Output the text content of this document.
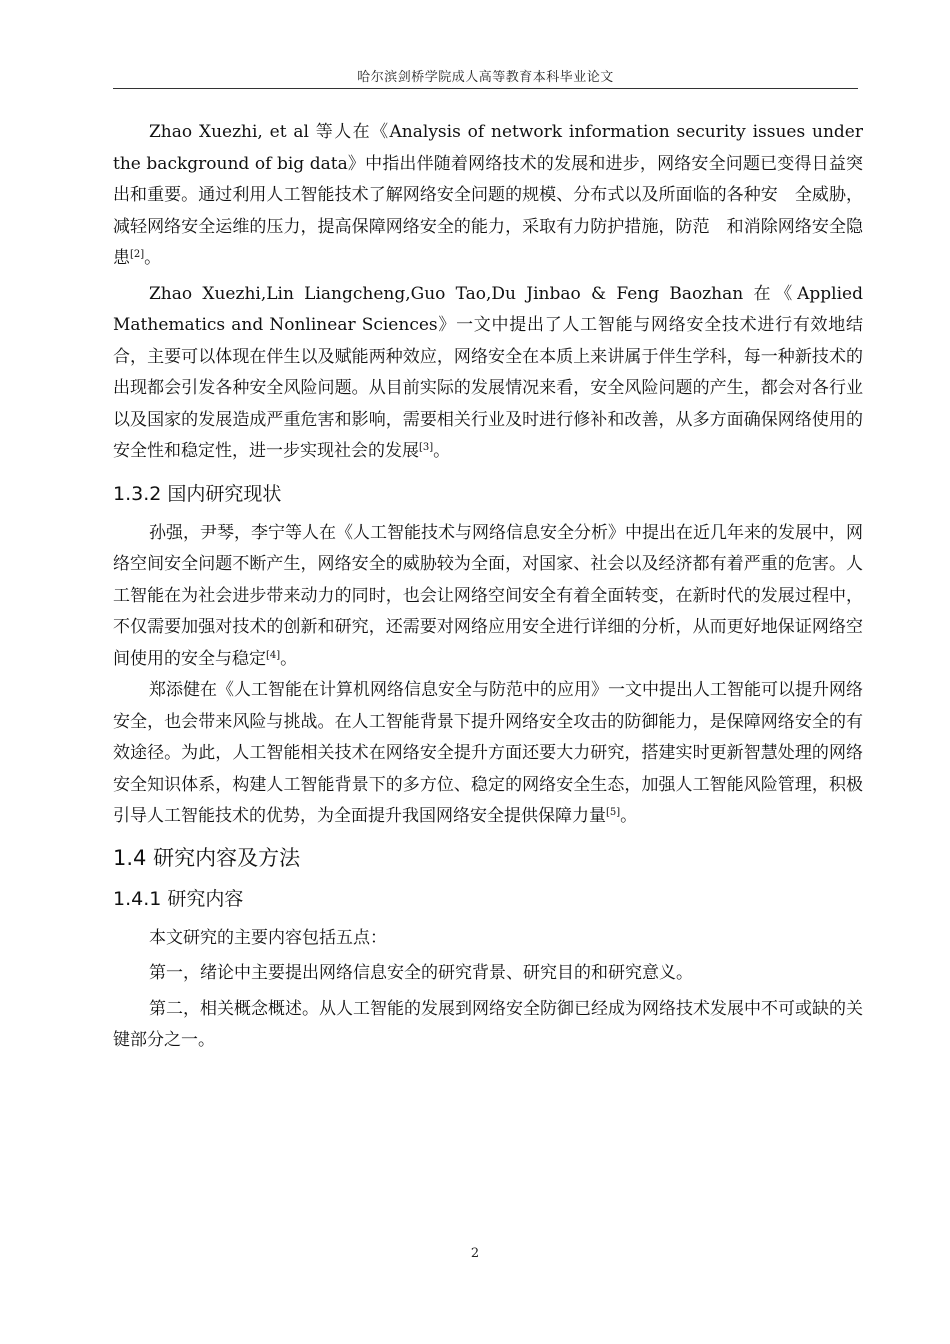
哈尔滨剑桥学院成人高等教育本科毕业论文

Zhao Xuezhi, et al 等人在《Analysis of network information security issues under the background of big data》中指出伴随着网络技术的发展和进步，网络安全问题已变得日益突　出和重要。通过利用人工智能技术了解网络安全问题的规模、分布式以及所面临的各种安　全威胁，减轻网络安全运维的压力，提高保障网络安全的能力，采取有力防护措施，防范　和消除网络安全隐患[2]。

Zhao Xuezhi,Lin Liangcheng,Guo Tao,Du Jinbao & Feng Baozhan 在《Applied Mathematics and Nonlinear Sciences》一文中提出了人工智能与网络安全技术进行有效地结合，主要可以体现在伴生以及赋能两种效应，网络安全在本质上来讲属于伴生学科，每一种新技术的出现都会引发各种安全风险问题。从目前实际的发展情况来看，安全风险问题的产生，都会对各行业以及国家的发展造成严重危害和影响，需要相关行业及时进行修补和改善，从多方面确保网络使用的安全性和稳定性，进一步实现社会的发展[3]。

1.3.2 国内研究现状

孙强，尹琴，李宁等人在《人工智能技术与网络信息安全分析》中提出在近几年来的发展中，网络空间安全问题不断产生，网络安全的威胁较为全面，对国家、社会以及经济都有着严重的危害。人工智能在为社会进步带来动力的同时，也会让网络空间安全有着全面转变，在新时代的发展过程中，不仅需要加强对技术的创新和研究，还需要对网络应用安全进行详细的分析，从而更好地保证网络空间使用的安全与稳定[4]。

郑添健在《人工智能在计算机网络信息安全与防范中的应用》一文中提出人工智能可以提升网络安全，也会带来风险与挑战。在人工智能背景下提升网络安全攻击的防御能力，是保障网络安全的有效途径。为此，人工智能相关技术在网络安全提升方面还要大力研究，搭建实时更新智慧处理的网络安全知识体系，构建人工智能背景下的多方位、稳定的网络安全生态，加强人工智能风险管理，积极引导人工智能技术的优势，为全面提升我国网络安全提供保障力量[5]。

1.4 研究内容及方法
1.4.1 研究内容

本文研究的主要内容包括五点：

第一，绪论中主要提出网络信息安全的研究背景、研究目的和研究意义。

第二，相关概念概述。从人工智能的发展到网络安全防御已经成为网络技术发展中不可或缺的关键部分之一。

2
